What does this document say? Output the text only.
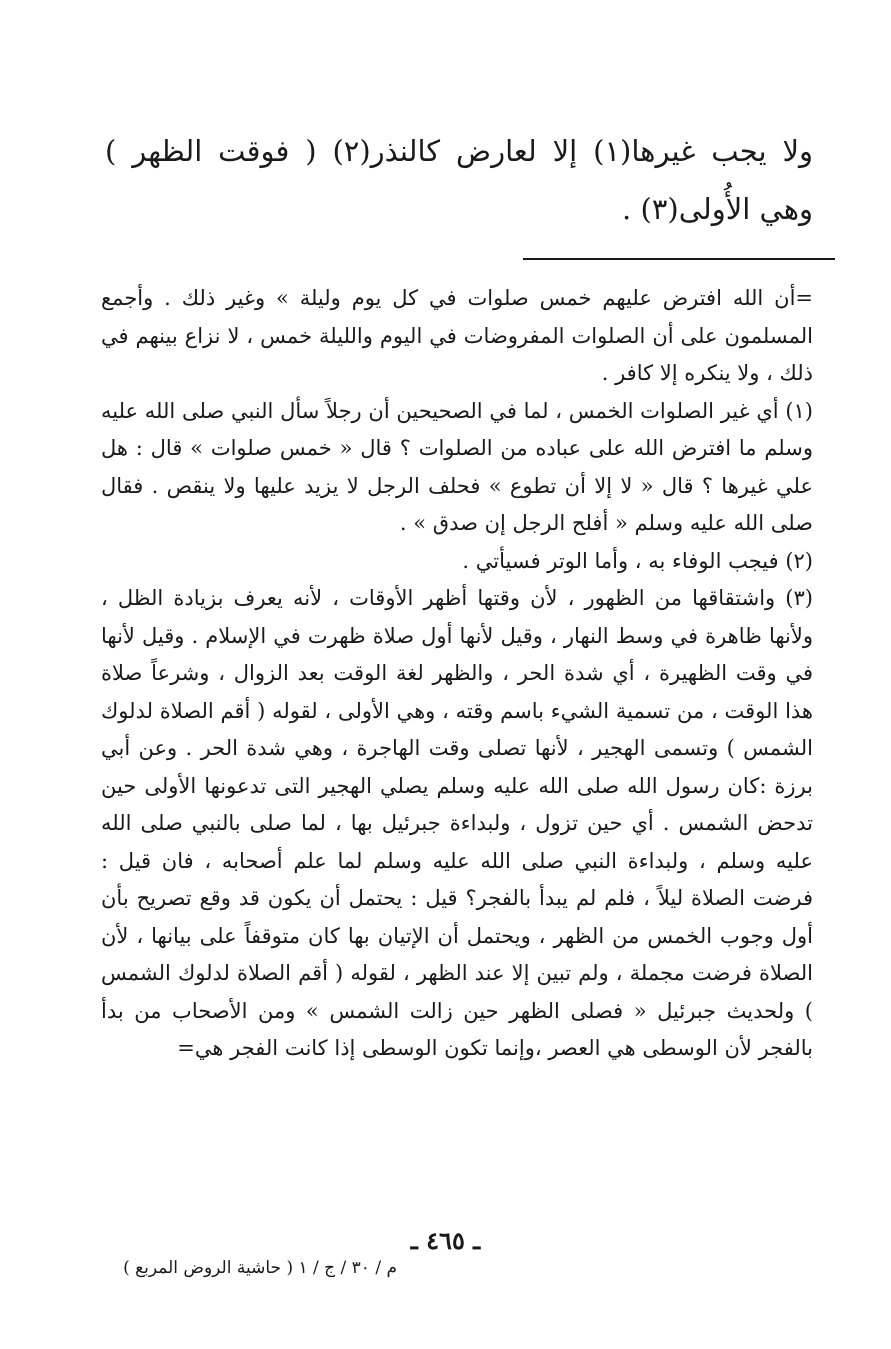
ولا يجب غيرها(١) إلا لعارض كالنذر(٢) ( فوقت الظهر ) وهي الأُولى(٣) .

=أن الله افترض عليهم خمس صلوات في كل يوم وليلة » وغير ذلك . وأجمع المسلمون على أن الصلوات المفروضات في اليوم والليلة خمس ، لا نزاع بينهم في ذلك ، ولا ينكره إلا كافر .

(١) أي غير الصلوات الخمس ، لما في الصحيحين أن رجلاً سأل النبي صلى الله عليه وسلم ما افترض الله على عباده من الصلوات ؟ قال « خمس صلوات » قال : هل علي غيرها ؟ قال « لا إلا أن تطوع » فحلف الرجل لا يزيد عليها ولا ينقص . فقال صلى الله عليه وسلم « أفلح الرجل إن صدق » .

(٢) فيجب الوفاء به ، وأما الوتر فسيأتي .

(٣) واشتقاقها من الظهور ، لأن وقتها أظهر الأوقات ، لأنه يعرف بزيادة الظل ، ولأنها ظاهرة في وسط النهار ، وقيل لأنها أول صلاة ظهرت في الإسلام . وقيل لأنها في وقت الظهيرة ، أي شدة الحر ، والظهر لغة الوقت بعد الزوال ، وشرعاً صلاة هذا الوقت ، من تسمية الشيء باسم وقته ، وهي الأولى ، لقوله ( أقم الصلاة لدلوك الشمس ) وتسمى الهجير ، لأنها تصلى وقت الهاجرة ، وهي شدة الحر . وعن أبي برزة :كان رسول الله صلى الله عليه وسلم يصلي الهجير التى تدعونها الأولى حين تدحض الشمس . أي حين تزول ، ولبداءة جبرئيل بها ، لما صلى بالنبي صلى الله عليه وسلم ، ولبداءة النبي صلى الله عليه وسلم لما علم أصحابه ، فان قيل : فرضت الصلاة ليلاً ، فلم لم يبدأ بالفجر؟ قيل : يحتمل أن يكون قد وقع تصريح بأن أول وجوب الخمس من الظهر ، ويحتمل أن الإتيان بها كان متوقفاً على بيانها ، لأن الصلاة فرضت مجملة ، ولم تبين إلا عند الظهر ، لقوله ( أقم الصلاة لدلوك الشمس ) ولحديث جبرئيل « فصلى الظهر حين زالت الشمس » ومن الأصحاب من بدأ بالفجر لأن الوسطى هي العصر ،وإنما تكون الوسطى إذا كانت الفجر هي=

ـ ٤٦٥ ـ

م / ٣٠ / ج / ١ ( حاشية الروض المربع )
